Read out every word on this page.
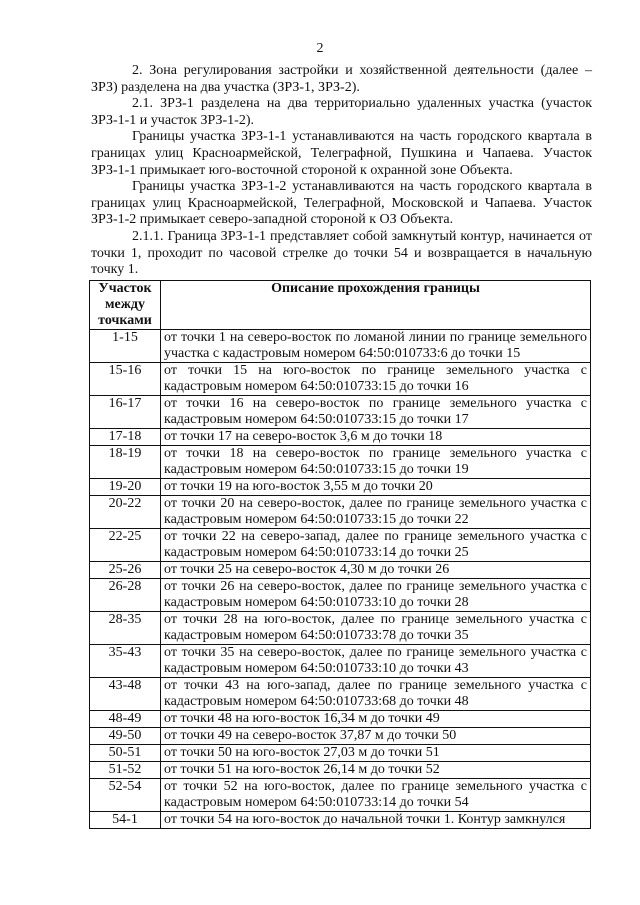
2

2. Зона регулирования застройки и хозяйственной деятельности (далее – ЗРЗ) разделена на два участка (ЗРЗ-1, ЗРЗ-2).

2.1. ЗРЗ-1 разделена на два территориально удаленных участка (участок ЗРЗ-1-1 и участок ЗРЗ-1-2).

Границы участка ЗРЗ-1-1 устанавливаются на часть городского квартала в границах улиц Красноармейской, Телеграфной, Пушкина и Чапаева. Участок ЗРЗ-1-1 примыкает юго-восточной стороной к охранной зоне Объекта.

Границы участка ЗРЗ-1-2 устанавливаются на часть городского квартала в границах улиц Красноармейской, Телеграфной, Московской и Чапаева. Участок ЗРЗ-1-2 примыкает северо-западной стороной к ОЗ Объекта.

2.1.1. Граница ЗРЗ-1-1 представляет собой замкнутый контур, начинается от точки 1, проходит по часовой стрелке до точки 54 и возвращается в начальную точку 1.

Участок
между
точками	Описание прохождения границы
1-15	от точки 1 на северо-восток по ломаной линии по границе земельного участка с кадастровым номером 64:50:010733:6 до точки 15
15-16	от точки 15 на юго-восток по границе земельного участка с кадастровым номером 64:50:010733:15 до точки 16
16-17	от точки 16 на северо-восток по границе земельного участка с кадастровым номером 64:50:010733:15 до точки 17
17-18	от точки 17 на северо-восток 3,6 м до точки 18
18-19	от точки 18 на северо-восток по границе земельного участка с кадастровым номером 64:50:010733:15 до точки 19
19-20	от точки 19 на юго-восток 3,55 м до точки 20
20-22	от точки 20 на северо-восток, далее по границе земельного участка с кадастровым номером 64:50:010733:15 до точки 22
22-25	от точки 22 на северо-запад, далее по границе земельного участка с кадастровым номером 64:50:010733:14 до точки 25
25-26	от точки 25 на северо-восток 4,30 м до точки 26
26-28	от точки 26 на северо-восток, далее по границе земельного участка с кадастровым номером 64:50:010733:10 до точки 28
28-35	от точки 28 на юго-восток, далее по границе земельного участка с кадастровым номером 64:50:010733:78 до точки 35
35-43	от точки 35 на северо-восток, далее по границе земельного участка с кадастровым номером 64:50:010733:10 до точки 43
43-48	от точки 43 на юго-запад, далее по границе земельного участка с кадастровым номером 64:50:010733:68 до точки 48
48-49	от точки 48 на юго-восток 16,34 м до точки 49
49-50	от точки 49 на северо-восток 37,87 м до точки 50
50-51	от точки 50 на юго-восток 27,03 м до точки 51
51-52	от точки 51 на юго-восток 26,14 м до точки 52
52-54	от точки 52 на юго-восток, далее по границе земельного участка с кадастровым номером 64:50:010733:14 до точки 54
54-1	от точки 54 на юго-восток до начальной точки 1. Контур замкнулся
